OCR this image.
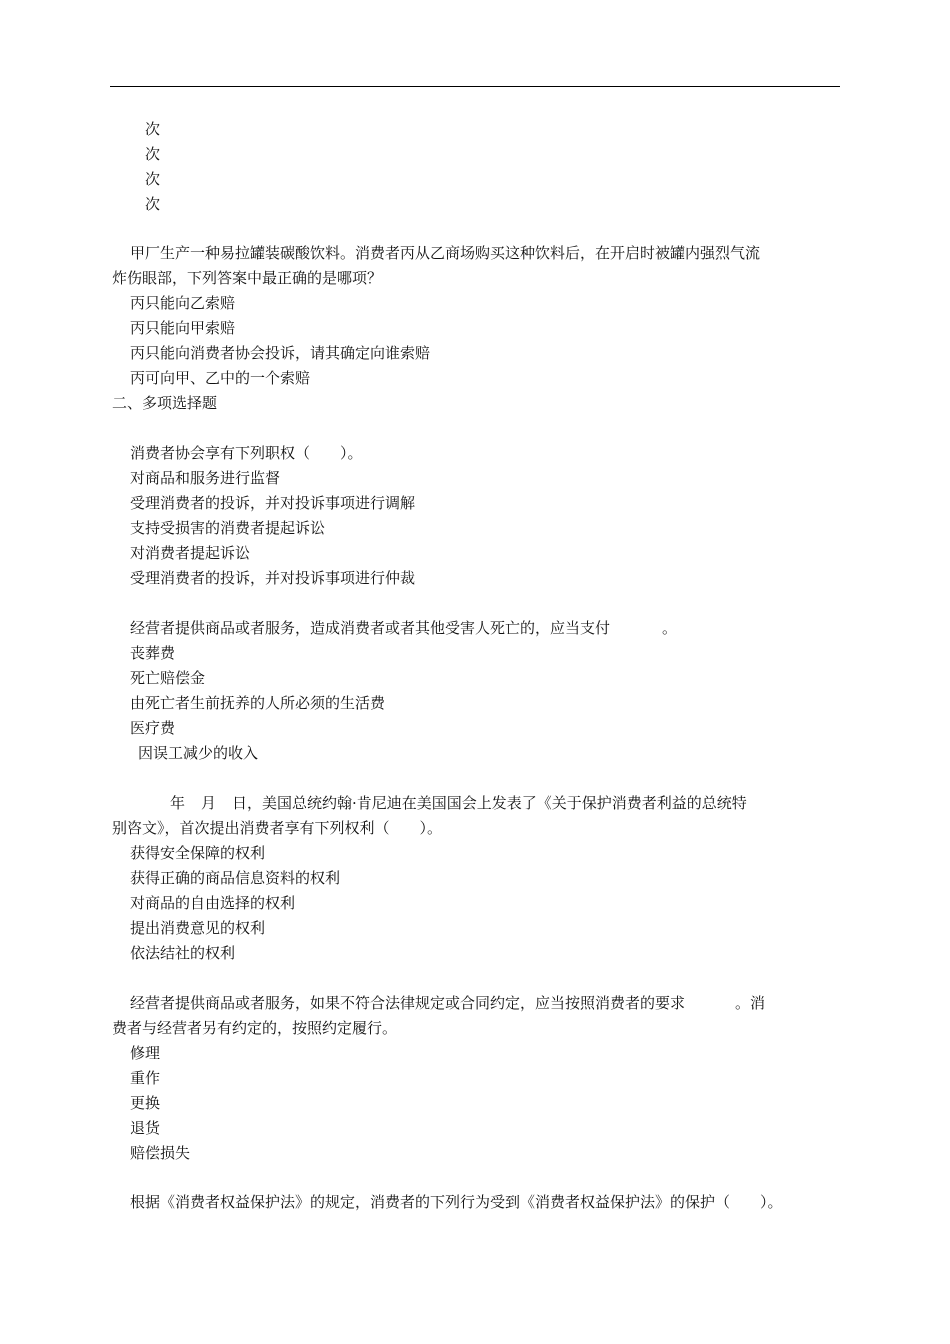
次
次
次
次
甲厂生产一种易拉罐装碳酸饮料。消费者丙从乙商场购买这种饮料后，在开启时被罐内强烈气流
炸伤眼部，下列答案中最正确的是哪项？
丙只能向乙索赔
丙只能向甲索赔
丙只能向消费者协会投诉，请其确定向谁索赔
丙可向甲、乙中的一个索赔
二、多项选择题
消费者协会享有下列职权（　　）。
对商品和服务进行监督
受理消费者的投诉，并对投诉事项进行调解
支持受损害的消费者提起诉讼
对消费者提起诉讼
受理消费者的投诉，并对投诉事项进行仲裁
经营者提供商品或者服务，造成消费者或者其他受害人死亡的，应当支付	。
丧葬费
死亡赔偿金
由死亡者生前抚养的人所必须的生活费
医疗费
因误工减少的收入
年 月 日，美国总统约翰·肯尼迪在美国国会上发表了《关于保护消费者利益的总统特
别咨文》，首次提出消费者享有下列权利（　　）。
获得安全保障的权利
获得正确的商品信息资料的权利
对商品的自由选择的权利
提出消费意见的权利
依法结社的权利
经营者提供商品或者服务，如果不符合法律规定或合同约定，应当按照消费者的要求	。消
费者与经营者另有约定的，按照约定履行。
修理
重作
更换
退货
赔偿损失
根据《消费者权益保护法》的规定，消费者的下列行为受到《消费者权益保护法》的保护（　　）。
